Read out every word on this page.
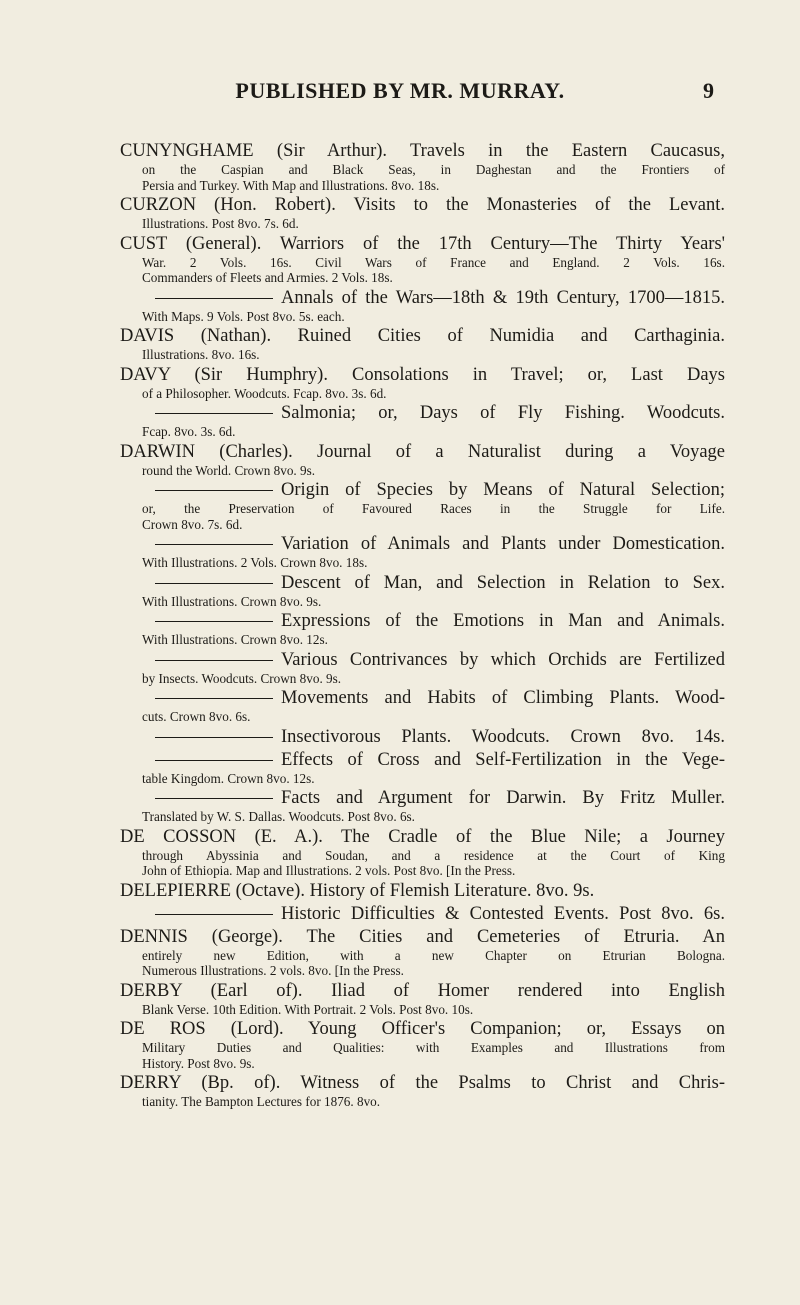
PUBLISHED BY MR. MURRAY.	9
CUNYNGHAME (Sir Arthur). Travels in the Eastern Caucasus,
on the Caspian and Black Seas, in Daghestan and the Frontiers of
Persia and Turkey. With Map and Illustrations. 8vo. 18s.
CURZON (Hon. Robert). Visits to the Monasteries of the Levant.
Illustrations. Post 8vo. 7s. 6d.
CUST (General). Warriors of the 17th Century—The Thirty Years'
War. 2 Vols. 16s. Civil Wars of France and England. 2 Vols. 16s.
Commanders of Fleets and Armies. 2 Vols. 18s.
Annals of the Wars—18th & 19th Century, 1700—1815.
With Maps. 9 Vols. Post 8vo. 5s. each.
DAVIS (Nathan). Ruined Cities of Numidia and Carthaginia.
Illustrations. 8vo. 16s.
DAVY (Sir Humphry). Consolations in Travel; or, Last Days
of a Philosopher. Woodcuts. Fcap. 8vo. 3s. 6d.
Salmonia; or, Days of Fly Fishing. Woodcuts.
Fcap. 8vo. 3s. 6d.
DARWIN (Charles). Journal of a Naturalist during a Voyage
round the World. Crown 8vo. 9s.
Origin of Species by Means of Natural Selection;
or, the Preservation of Favoured Races in the Struggle for Life.
Crown 8vo. 7s. 6d.
Variation of Animals and Plants under Domestication.
With Illustrations. 2 Vols. Crown 8vo. 18s.
Descent of Man, and Selection in Relation to Sex.
With Illustrations. Crown 8vo. 9s.
Expressions of the Emotions in Man and Animals.
With Illustrations. Crown 8vo. 12s.
Various Contrivances by which Orchids are Fertilized
by Insects. Woodcuts. Crown 8vo. 9s.
Movements and Habits of Climbing Plants. Wood-
cuts. Crown 8vo. 6s.
Insectivorous Plants. Woodcuts. Crown 8vo. 14s.
Effects of Cross and Self-Fertilization in the Vege-
table Kingdom. Crown 8vo. 12s.
Facts and Argument for Darwin. By Fritz Muller.
Translated by W. S. Dallas. Woodcuts. Post 8vo. 6s.
DE COSSON (E. A.). The Cradle of the Blue Nile; a Journey
through Abyssinia and Soudan, and a residence at the Court of King
John of Ethiopia. Map and Illustrations. 2 vols. Post 8vo. [In the Press.
DELEPIERRE (Octave). History of Flemish Literature. 8vo. 9s.
Historic Difficulties & Contested Events. Post 8vo. 6s.
DENNIS (George). The Cities and Cemeteries of Etruria. An
entirely new Edition, with a new Chapter on Etrurian Bologna.
Numerous Illustrations. 2 vols. 8vo. [In the Press.
DERBY (Earl of). Iliad of Homer rendered into English
Blank Verse. 10th Edition. With Portrait. 2 Vols. Post 8vo. 10s.
DE ROS (Lord). Young Officer's Companion; or, Essays on
Military Duties and Qualities: with Examples and Illustrations from
History. Post 8vo. 9s.
DERRY (Bp. of). Witness of the Psalms to Christ and Chris-
tianity. The Bampton Lectures for 1876. 8vo.
